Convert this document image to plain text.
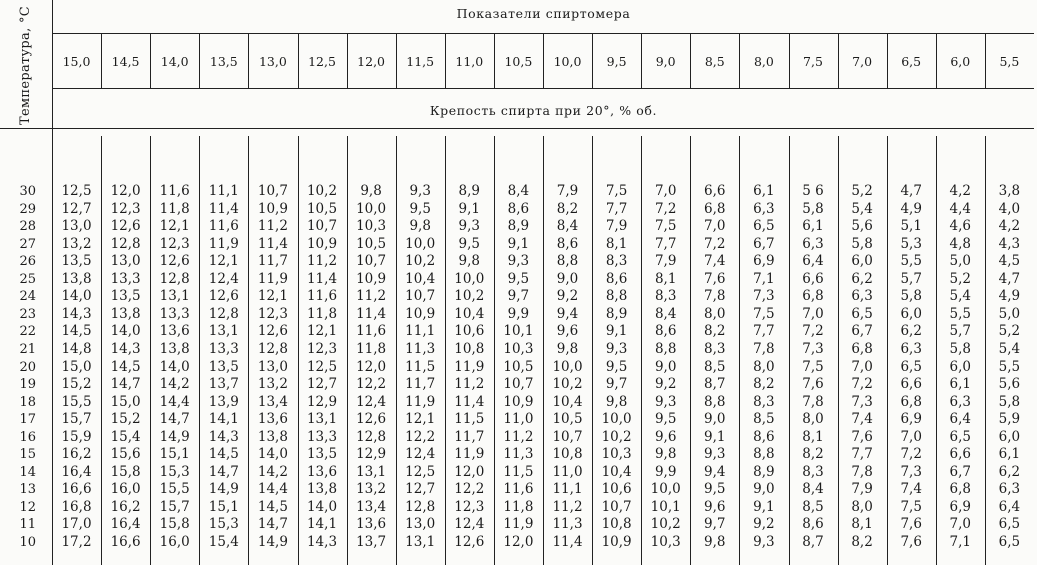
Температура, °С	Показатели спиртомера
Крепость спирта при 20°, % об.
15,0	14,5	14,0	13,5	13,0	12,5	12,0	11,5	11,0	10,5	10,0	9,5	9,0	8,5	8,0	7,5	7,0	6,5	6,0	5,5
30	12,5	12,0	11,6	11,1	10,7	10,2	9,8	9,3	8,9	8,4	7,9	7,5	7,0	6,6	6,1	5 6	5,2	4,7	4,2	3,8
29	12,7	12,3	11,8	11,4	10,9	10,5	10,0	9,5	9,1	8,6	8,2	7,7	7,2	6,8	6,3	5,8	5,4	4,9	4,4	4,0
28	13,0	12,6	12,1	11,6	11,2	10,7	10,3	9,8	9,3	8,9	8,4	7,9	7,5	7,0	6,5	6,1	5,6	5,1	4,6	4,2
27	13,2	12,8	12,3	11,9	11,4	10,9	10,5	10,0	9,5	9,1	8,6	8,1	7,7	7,2	6,7	6,3	5,8	5,3	4,8	4,3
26	13,5	13,0	12,6	12,1	11,7	11,2	10,7	10,2	9,8	9,3	8,8	8,3	7,9	7,4	6,9	6,4	6,0	5,5	5,0	4,5
25	13,8	13,3	12,8	12,4	11,9	11,4	10,9	10,4	10,0	9,5	9,0	8,6	8,1	7,6	7,1	6,6	6,2	5,7	5,2	4,7
24	14,0	13,5	13,1	12,6	12,1	11,6	11,2	10,7	10,2	9,7	9,2	8,8	8,3	7,8	7,3	6,8	6,3	5,8	5,4	4,9
23	14,3	13,8	13,3	12,8	12,3	11,8	11,4	10,9	10,4	9,9	9,4	8,9	8,4	8,0	7,5	7,0	6,5	6,0	5,5	5,0
22	14,5	14,0	13,6	13,1	12,6	12,1	11,6	11,1	10,6	10,1	9,6	9,1	8,6	8,2	7,7	7,2	6,7	6,2	5,7	5,2
21	14,8	14,3	13,8	13,3	12,8	12,3	11,8	11,3	10,8	10,3	9,8	9,3	8,8	8,3	7,8	7,3	6,8	6,3	5,8	5,4
20	15,0	14,5	14,0	13,5	13,0	12,5	12,0	11,5	11,9	10,5	10,0	9,5	9,0	8,5	8,0	7,5	7,0	6,5	6,0	5,5
19	15,2	14,7	14,2	13,7	13,2	12,7	12,2	11,7	11,2	10,7	10,2	9,7	9,2	8,7	8,2	7,6	7,2	6,6	6,1	5,6
18	15,5	15,0	14,4	13,9	13,4	12,9	12,4	11,9	11,4	10,9	10,4	9,8	9,3	8,8	8,3	7,8	7,3	6,8	6,3	5,8
17	15,7	15,2	14,7	14,1	13,6	13,1	12,6	12,1	11,5	11,0	10,5	10,0	9,5	9,0	8,5	8,0	7,4	6,9	6,4	5,9
16	15,9	15,4	14,9	14,3	13,8	13,3	12,8	12,2	11,7	11,2	10,7	10,2	9,6	9,1	8,6	8,1	7,6	7,0	6,5	6,0
15	16,2	15,6	15,1	14,5	14,0	13,5	12,9	12,4	11,9	11,3	10,8	10,3	9,8	9,3	8,8	8,2	7,7	7,2	6,6	6,1
14	16,4	15,8	15,3	14,7	14,2	13,6	13,1	12,5	12,0	11,5	11,0	10,4	9,9	9,4	8,9	8,3	7,8	7,3	6,7	6,2
13	16,6	16,0	15,5	14,9	14,4	13,8	13,2	12,7	12,2	11,6	11,1	10,6	10,0	9,5	9,0	8,4	7,9	7,4	6,8	6,3
12	16,8	16,2	15,7	15,1	14,5	14,0	13,4	12,8	12,3	11,8	11,2	10,7	10,1	9,6	9,1	8,5	8,0	7,5	6,9	6,4
11	17,0	16,4	15,8	15,3	14,7	14,1	13,6	13,0	12,4	11,9	11,3	10,8	10,2	9,7	9,2	8,6	8,1	7,6	7,0	6,5
10	17,2	16,6	16,0	15,4	14,9	14,3	13,7	13,1	12,6	12,0	11,4	10,9	10,3	9,8	9,3	8,7	8,2	7,6	7,1	6,5
